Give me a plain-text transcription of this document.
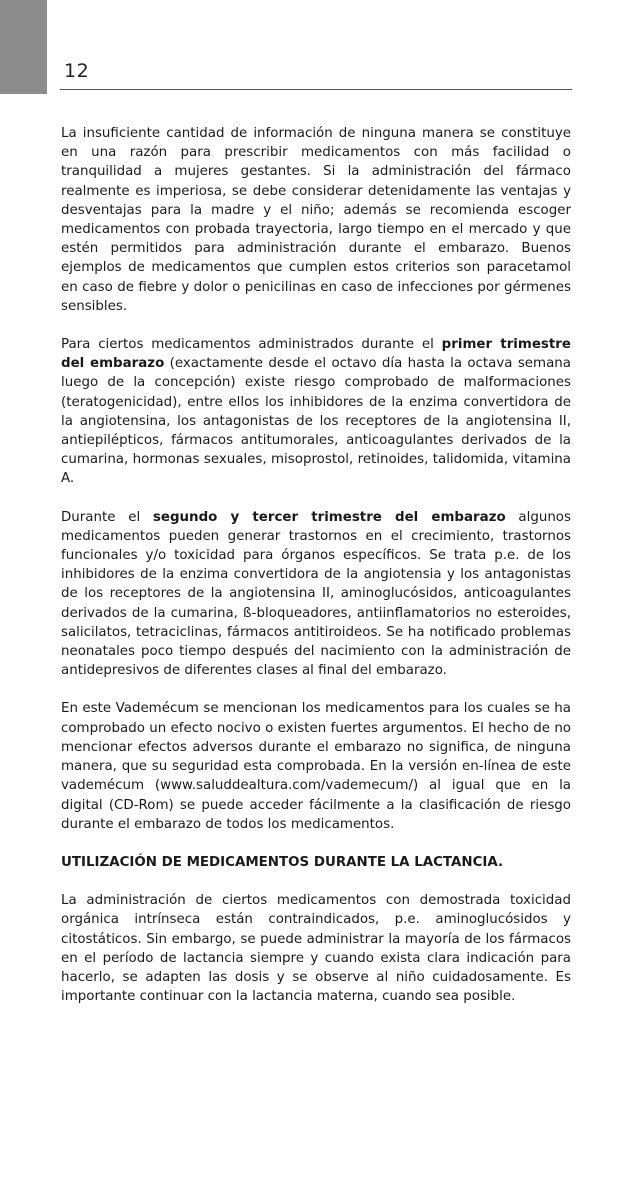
12

La insuficiente cantidad de información de ninguna manera se constituye en una razón para prescribir medicamentos con más facilidad o tranquilidad a mujeres gestantes. Si la administración del fármaco realmente es imperiosa, se debe considerar detenidamente las ventajas y desventajas para la madre y el niño; además se recomienda escoger medicamentos con probada trayectoria, largo tiempo en el mercado y que estén permitidos para administración durante el embarazo. Buenos ejemplos de medicamentos que cumplen estos criterios son paracetamol en caso de fiebre y dolor o penicilinas en caso de infecciones por gérmenes sensibles.

Para ciertos medicamentos administrados durante el primer trimestre del embarazo (exactamente desde el octavo día hasta la octava semana luego de la concepción) existe riesgo comprobado de malformaciones (teratogenicidad), entre ellos los inhibidores de la enzima convertidora de la angiotensina, los antagonistas de los receptores de la angiotensina II, antiepilépticos, fármacos antitumorales, anticoagulantes derivados de la cumarina, hormonas sexuales, misoprostol, retinoides, talidomida, vitamina A.

Durante el segundo y tercer trimestre del embarazo algunos medicamentos pueden generar trastornos en el crecimiento, trastornos funcionales y/o toxicidad para órganos específicos. Se trata p.e. de los inhibidores de la enzima convertidora de la angiotensia y los antagonistas de los receptores de la angiotensina II, aminoglucósidos, anticoagulantes derivados de la cumarina, ß-bloqueadores, antiinflamatorios no esteroides, salicilatos, tetraciclinas, fármacos antitiroideos. Se ha notificado problemas neonatales poco tiempo después del nacimiento con la administración de antidepresivos de diferentes clases al final del embarazo.

En este Vademécum se mencionan los medicamentos para los cuales se ha comprobado un efecto nocivo o existen fuertes argumentos. El hecho de no mencionar efectos adversos durante el embarazo no significa, de ninguna manera, que su seguridad esta comprobada. En la versión en-línea de este vademécum (www.saluddealtura.com/vademecum/) al igual que en la digital (CD-Rom) se puede acceder fácilmente a la clasificación de riesgo durante el embarazo de todos los medicamentos.

UTILIZACIÓN DE MEDICAMENTOS DURANTE LA LACTANCIA.

La administración de ciertos medicamentos con demostrada toxicidad orgánica intrínseca están contraindicados, p.e. aminoglucósidos y citostáticos. Sin embargo, se puede administrar la mayoría de los fármacos en el período de lactancia siempre y cuando exista clara indicación para hacerlo, se adapten las dosis y se observe al niño cuidadosamente. Es importante continuar con la lactancia materna, cuando sea posible.
